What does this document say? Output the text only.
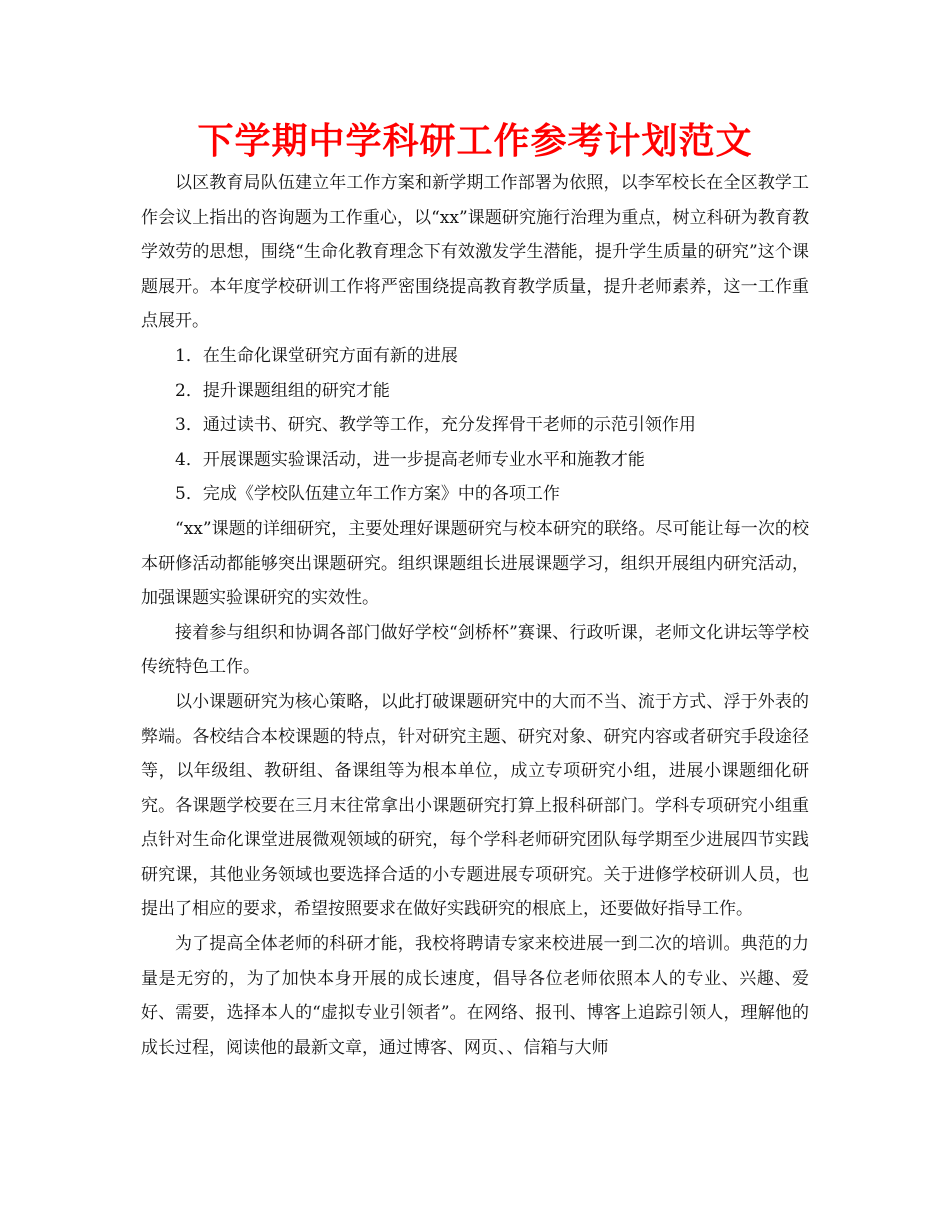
下学期中学科研工作参考计划范文

以区教育局队伍建立年工作方案和新学期工作部署为依照，以李军校长在全区教学工作会议上指出的咨询题为工作重心，以“xx”课题研究施行治理为重点，树立科研为教育教学效劳的思想，围绕“生命化教育理念下有效激发学生潜能，提升学生质量的研究”这个课题展开。本年度学校研训工作将严密围绕提高教育教学质量，提升老师素养，这一工作重点展开。

1．在生命化课堂研究方面有新的进展

2．提升课题组组的研究才能

3．通过读书、研究、教学等工作，充分发挥骨干老师的示范引领作用

4．开展课题实验课活动，进一步提高老师专业水平和施教才能

5．完成《学校队伍建立年工作方案》中的各项工作

“xx”课题的详细研究，主要处理好课题研究与校本研究的联络。尽可能让每一次的校本研修活动都能够突出课题研究。组织课题组长进展课题学习，组织开展组内研究活动，加强课题实验课研究的实效性。

接着参与组织和协调各部门做好学校“剑桥杯”赛课、行政听课，老师文化讲坛等学校传统特色工作。

以小课题研究为核心策略，以此打破课题研究中的大而不当、流于方式、浮于外表的弊端。各校结合本校课题的特点，针对研究主题、研究对象、研究内容或者研究手段途径等，以年级组、教研组、备课组等为根本单位，成立专项研究小组，进展小课题细化研究。各课题学校要在三月末往常拿出小课题研究打算上报科研部门。学科专项研究小组重点针对生命化课堂进展微观领域的研究，每个学科老师研究团队每学期至少进展四节实践研究课，其他业务领域也要选择合适的小专题进展专项研究。关于进修学校研训人员，也提出了相应的要求，希望按照要求在做好实践研究的根底上，还要做好指导工作。

为了提高全体老师的科研才能，我校将聘请专家来校进展一到二次的培训。典范的力量是无穷的，为了加快本身开展的成长速度，倡导各位老师依照本人的专业、兴趣、爱好、需要，选择本人的“虚拟专业引领者”。在网络、报刊、博客上追踪引领人，理解他的成长过程，阅读他的最新文章，通过博客、网页、、信箱与大师
